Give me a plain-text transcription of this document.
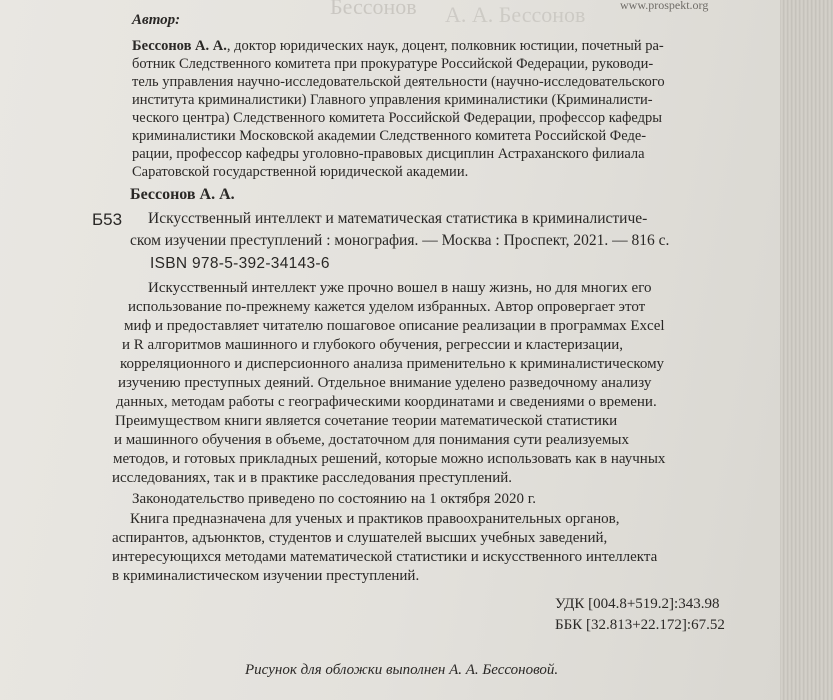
Бессонов А. А. Бессонов	www.prospekt.org
Автор:
Бессонов А. А., доктор юридических наук, доцент, полковник юстиции, почетный ра-
ботник Следственного комитета при прокуратуре Российской Федерации, руководи-
тель управления научно-исследовательской деятельности (научно-исследовательского
института криминалистики) Главного управления криминалистики (Криминалисти-
ческого центра) Следственного комитета Российской Федерации, профессор кафедры
криминалистики Московской академии Следственного комитета Российской Феде-
рации, профессор кафедры уголовно-правовых дисциплин Астраханского филиала
Саратовской государственной юридической академии.
Бессонов А. А.
Б53 Искусственный интеллект и математическая статистика в криминалистиче-
ском изучении преступлений : монография. — Москва : Проспект, 2021. — 816 с.
ISBN 978-5-392-34143-6
Искусственный интеллект уже прочно вошел в нашу жизнь, но для многих его
использование по-прежнему кажется уделом избранных. Автор опровергает этот
миф и предоставляет читателю пошаговое описание реализации в программах Excel
и R алгоритмов машинного и глубокого обучения, регрессии и кластеризации,
корреляционного и дисперсионного анализа применительно к криминалистическому
изучению преступных деяний. Отдельное внимание уделено разведочному анализу
данных, методам работы с географическими координатами и сведениями о времени.
Преимуществом книги является сочетание теории математической статистики
и машинного обучения в объеме, достаточном для понимания сути реализуемых
методов, и готовых прикладных решений, которые можно использовать как в научных
исследованиях, так и в практике расследования преступлений.
Законодательство приведено по состоянию на 1 октября 2020 г.
Книга предназначена для ученых и практиков правоохранительных органов,
аспирантов, адъюнктов, студентов и слушателей высших учебных заведений,
интересующихся методами математической статистики и искусственного интеллекта
в криминалистическом изучении преступлений.
УДК [004.8+519.2]:343.98
ББК [32.813+22.172]:67.52
Рисунок для обложки выполнен А. А. Бессоновой.
